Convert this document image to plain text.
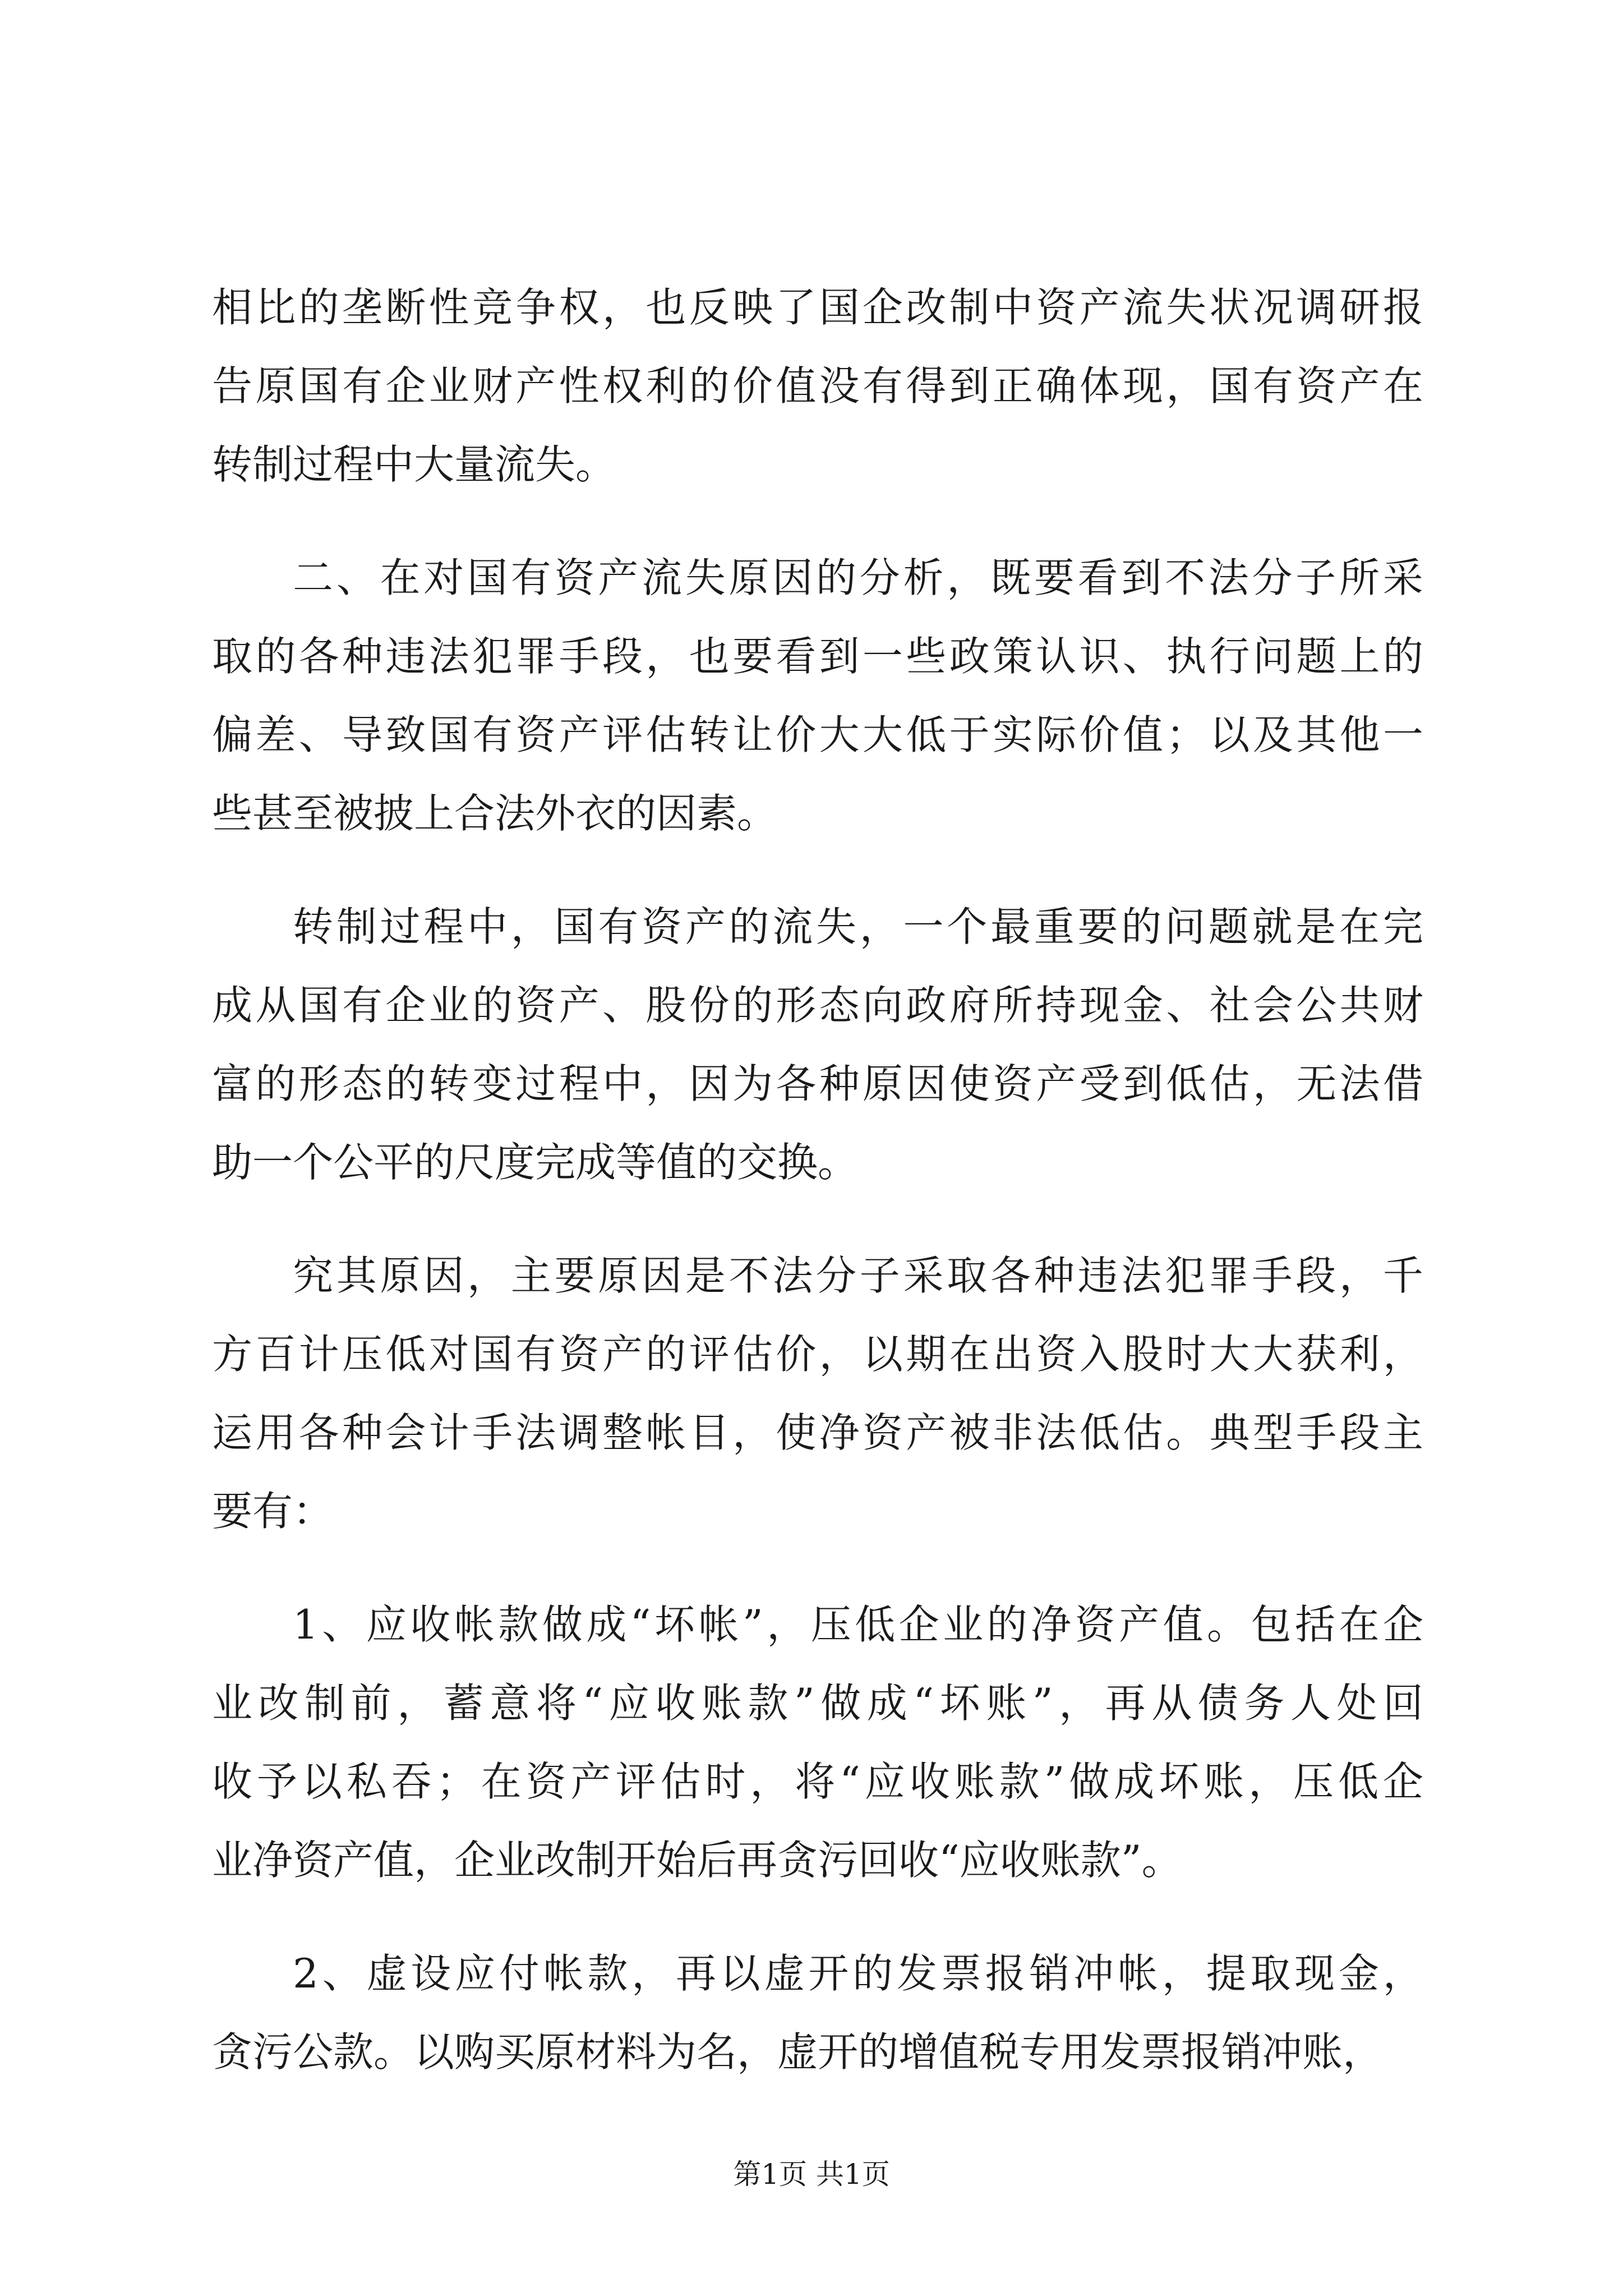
相 比 的 垄 断 性 竞 争 权 ， 也 反 映 了 国 企 改 制 中 资 产 流 失 状 况 调 研 报
告 原 国 有 企 业 财 产 性 权 利 的 价 值 没 有 得 到 正 确 体 现 ， 国 有 资 产 在
转制过程中大量流失。
二 、 在 对 国 有 资 产 流 失 原 因 的 分 析 ， 既 要 看 到 不 法 分 子 所 采
取 的 各 种 违 法 犯 罪 手 段 ， 也 要 看 到 一 些 政 策 认 识 、 执 行 问 题 上 的
偏 差 、 导 致 国 有 资 产 评 估 转 让 价 大 大 低 于 实 际 价 值 ； 以 及 其 他 一
些甚至被披上合法外衣的因素。
转 制 过 程 中 ， 国 有 资 产 的 流 失 ， 一 个 最 重 要 的 问 题 就 是 在 完
成 从 国 有 企 业 的 资 产 、 股 份 的 形 态 向 政 府 所 持 现 金 、 社 会 公 共 财
富 的 形 态 的 转 变 过 程 中 ， 因 为 各 种 原 因 使 资 产 受 到 低 估 ， 无 法 借
助一个公平的尺度完成等值的交换。
究 其 原 因 ， 主 要 原 因 是 不 法 分 子 采 取 各 种 违 法 犯 罪 手 段 ， 千
方 百 计 压 低 对 国 有 资 产 的 评 估 价 ， 以 期 在 出 资 入 股 时 大 大 获 利 ，
运 用 各 种 会 计 手 法 调 整 帐 目 ， 使 净 资 产 被 非 法 低 估 。 典 型 手 段 主
要有：
1 、 应 收 帐 款 做 成 “ 坏 帐 ” ， 压 低 企 业 的 净 资 产 值 。 包 括 在 企
业 改 制 前 ， 蓄 意 将 “ 应 收 账 款 ” 做 成 “ 坏 账 ” ， 再 从 债 务 人 处 回
收 予 以 私 吞 ； 在 资 产 评 估 时 ， 将 “ 应 收 账 款 ” 做 成 坏 账 ， 压 低 企
业净资产值，企业改制开始后再贪污回收“应收账款”。
2 、 虚 设 应 付 帐 款 ， 再 以 虚 开 的 发 票 报 销 冲 帐 ， 提 取 现 金 ，
贪污公款。以购买原材料为名，虚开的增值税专用发票报销冲账，
第1页 共1页
